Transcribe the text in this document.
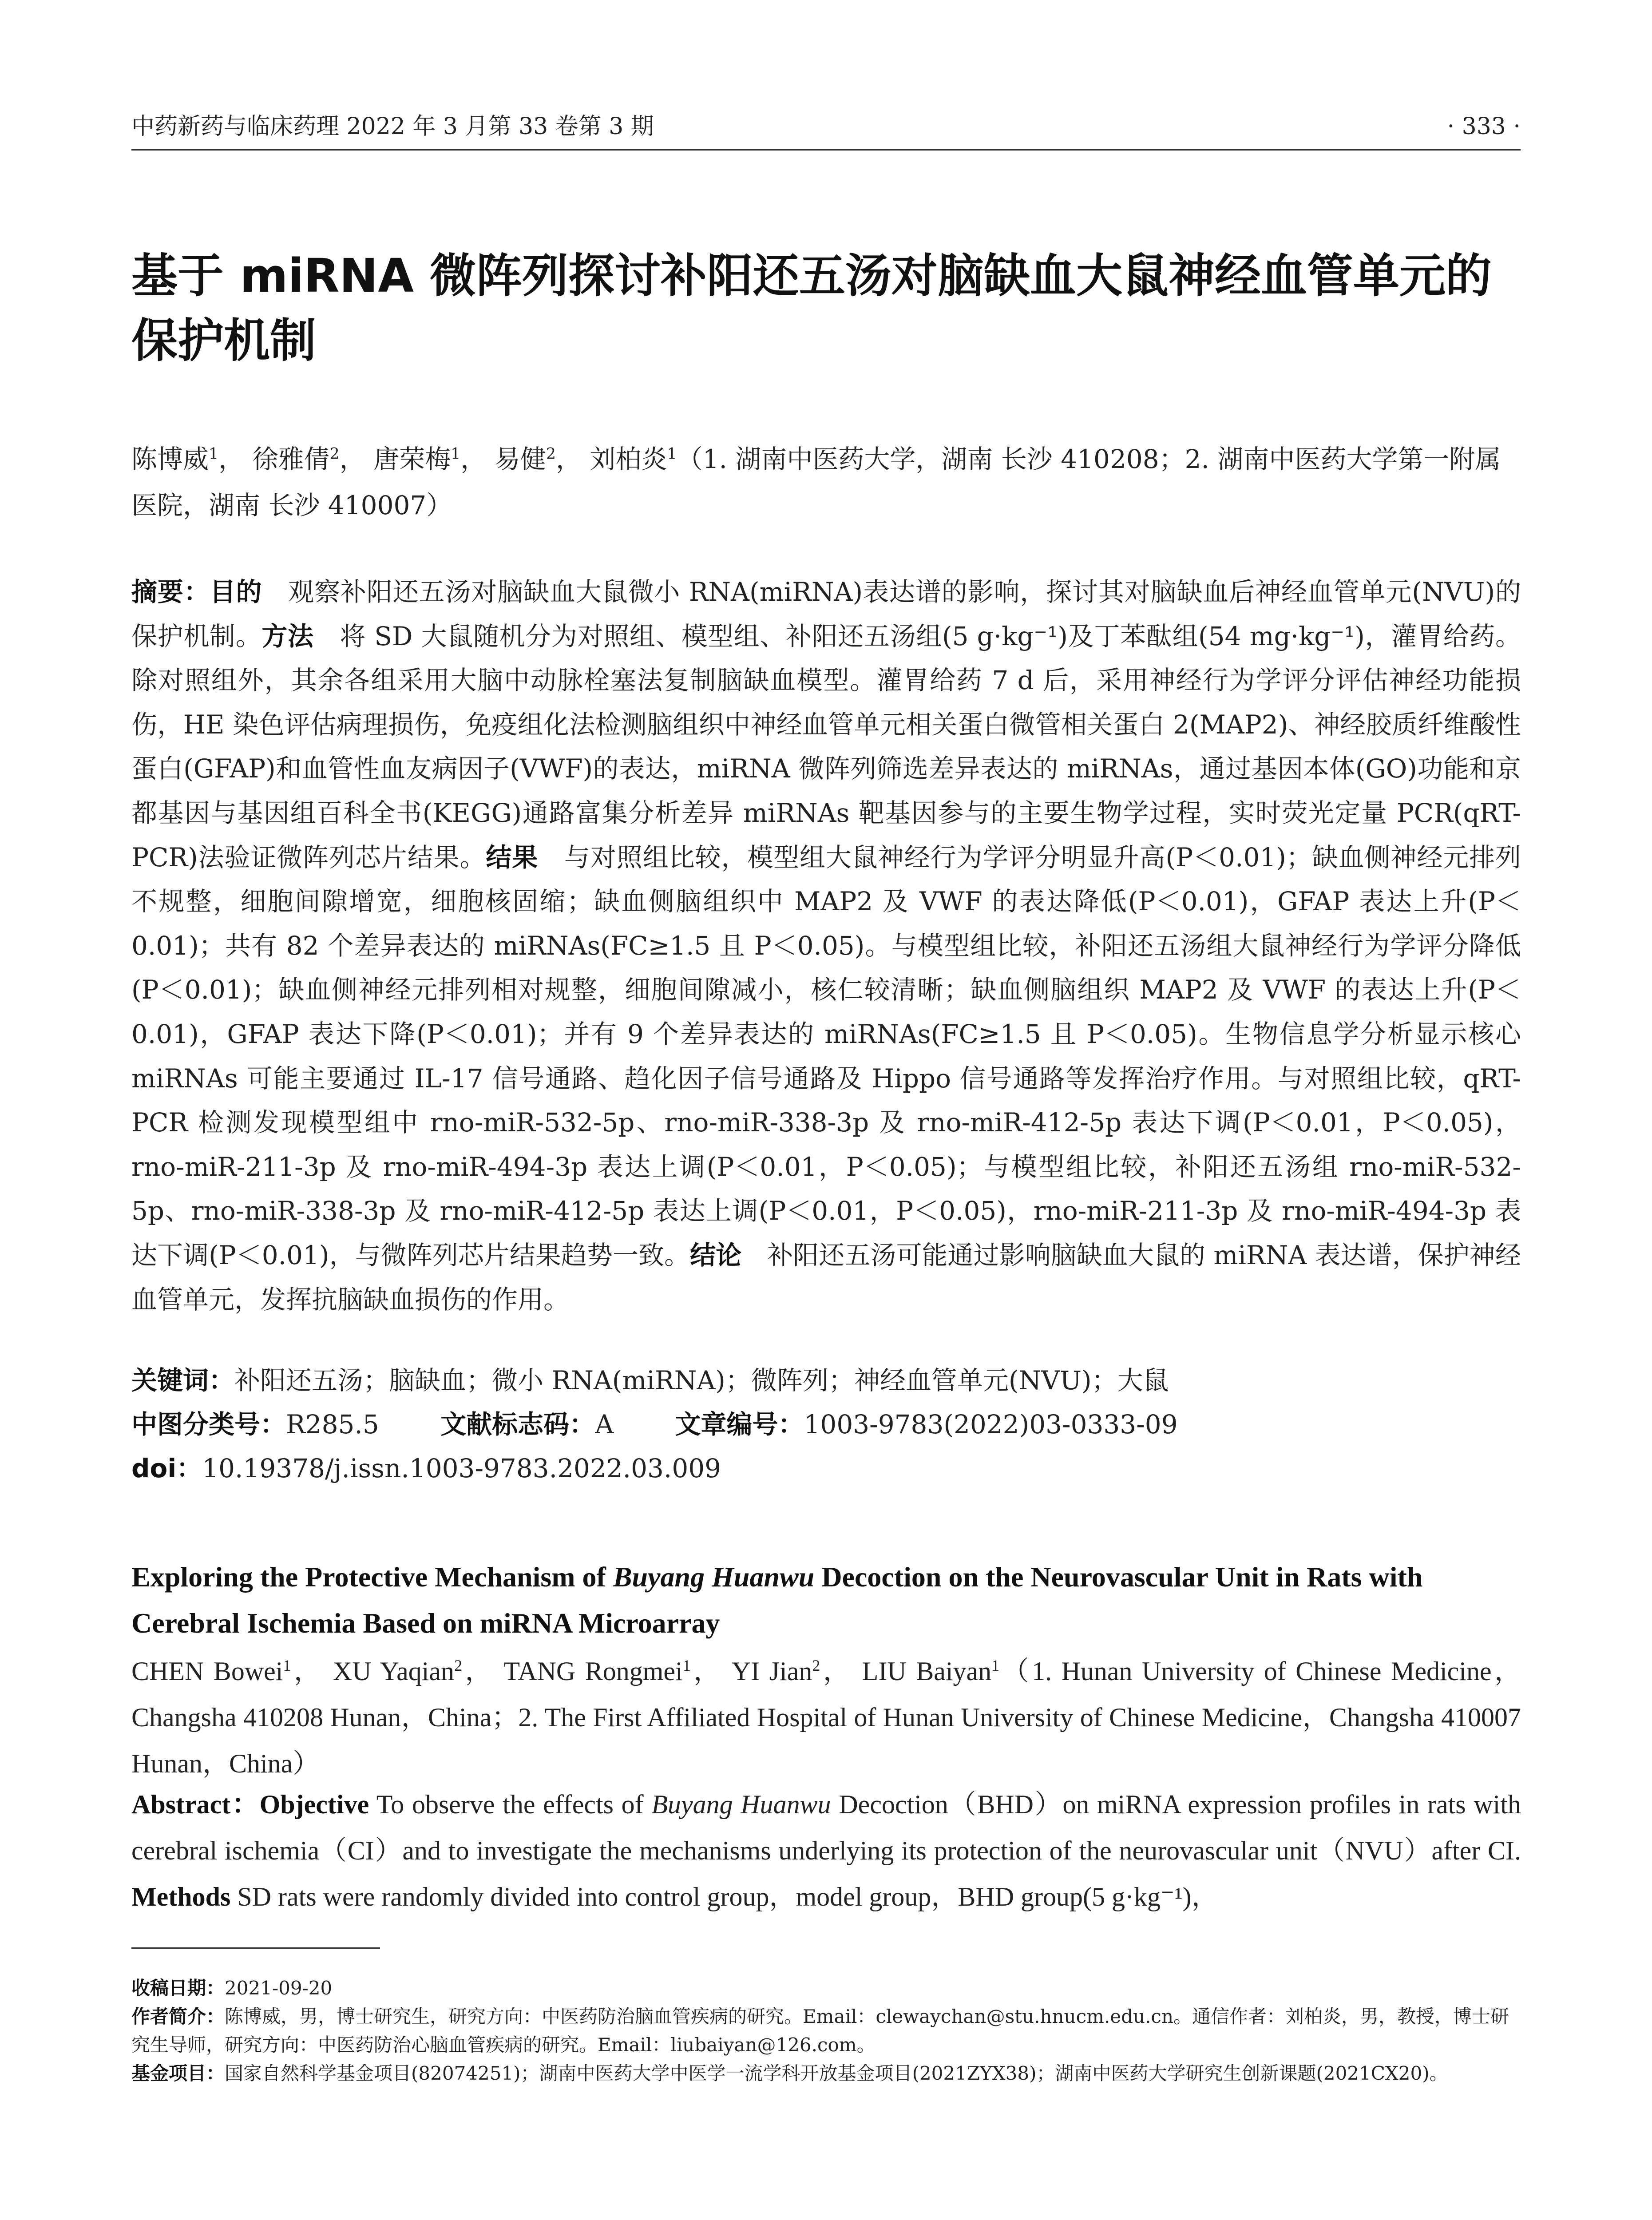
中药新药与临床药理 2022 年 3 月第 33 卷第 3 期	· 333 ·
基于 miRNA 微阵列探讨补阳还五汤对脑缺血大鼠神经血管单元的保护机制
陈博威$^1$， 徐雅倩$^2$， 唐荣梅$^1$， 易健$^2$， 刘柏炎$^1$（1. 湖南中医药大学，湖南 长沙 410208；2. 湖南中医药大学第一附属医院，湖南 长沙 410007）
摘要：目的　 观察补阳还五汤对脑缺血大鼠微小 RNA(miRNA)表达谱的影响，探讨其对脑缺血后神经血管单元(NVU)的保护机制。方法　 将 SD 大鼠随机分为对照组、模型组、补阳还五汤组(5 g·kg⁻¹)及丁苯酞组(54 mg·kg⁻¹)，灌胃给药。除对照组外，其余各组采用大脑中动脉栓塞法复制脑缺血模型。灌胃给药 7 d 后，采用神经行为学评分评估神经功能损伤，HE 染色评估病理损伤，免疫组化法检测脑组织中神经血管单元相关蛋白微管相关蛋白 2(MAP2)、神经胶质纤维酸性蛋白(GFAP)和血管性血友病因子(VWF)的表达，miRNA 微阵列筛选差异表达的 miRNAs，通过基因本体(GO)功能和京都基因与基因组百科全书(KEGG)通路富集分析差异 miRNAs 靶基因参与的主要生物学过程，实时荧光定量 PCR(qRT-PCR)法验证微阵列芯片结果。结果　 与对照组比较，模型组大鼠神经行为学评分明显升高(P＜0.01)；缺血侧神经元排列不规整，细胞间隙增宽，细胞核固缩；缺血侧脑组织中 MAP2 及 VWF 的表达降低(P＜0.01)，GFAP 表达上升(P＜0.01)；共有 82 个差异表达的 miRNAs(FC≥1.5 且 P＜0.05)。与模型组比较，补阳还五汤组大鼠神经行为学评分降低(P＜0.01)；缺血侧神经元排列相对规整，细胞间隙减小，核仁较清晰；缺血侧脑组织 MAP2 及 VWF 的表达上升(P＜0.01)，GFAP 表达下降(P＜0.01)；并有 9 个差异表达的 miRNAs(FC≥1.5 且 P＜0.05)。生物信息学分析显示核心 miRNAs 可能主要通过 IL-17 信号通路、趋化因子信号通路及 Hippo 信号通路等发挥治疗作用。与对照组比较，qRT-PCR 检测发现模型组中 rno-miR-532-5p、rno-miR-338-3p 及 rno-miR-412-5p 表达下调(P＜0.01，P＜0.05)，rno-miR-211-3p 及 rno-miR-494-3p 表达上调(P＜0.01，P＜0.05)；与模型组比较，补阳还五汤组 rno-miR-532-5p、rno-miR-338-3p 及 rno-miR-412-5p 表达上调(P＜0.01，P＜0.05)，rno-miR-211-3p 及 rno-miR-494-3p 表达下调(P＜0.01)，与微阵列芯片结果趋势一致。结论　 补阳还五汤可能通过影响脑缺血大鼠的 miRNA 表达谱，保护神经血管单元，发挥抗脑缺血损伤的作用。
关键词：补阳还五汤；脑缺血；微小 RNA(miRNA)；微阵列；神经血管单元(NVU)；大鼠
中图分类号：R285.5 文献标志码：A 文章编号：1003-9783(2022)03-0333-09
doi：10.19378/j.issn.1003-9783.2022.03.009
Exploring the Protective Mechanism of Buyang Huanwu Decoction on the Neurovascular Unit in Rats with Cerebral Ischemia Based on miRNA Microarray
CHEN Bowei$^1$， XU Yaqian$^2$， TANG Rongmei$^1$， YI Jian$^2$， LIU Baiyan$^1$（1. Hunan University of Chinese Medicine，Changsha 410208 Hunan，China；2. The First Affiliated Hospital of Hunan University of Chinese Medicine，Changsha 410007 Hunan，China）
Abstract：Objective To observe the effects of Buyang Huanwu Decoction（BHD）on miRNA expression profiles in rats with cerebral ischemia（CI）and to investigate the mechanisms underlying its protection of the neurovascular unit（NVU）after CI. Methods SD rats were randomly divided into control group，model group，BHD group(5 g·kg⁻¹)，

收稿日期：2021-09-20

作者简介：陈博威，男，博士研究生，研究方向：中医药防治脑血管疾病的研究。Email：clewaychan@stu.hnucm.edu.cn。通信作者：刘柏炎，男，教授，博士研究生导师，研究方向：中医药防治心脑血管疾病的研究。Email：liubaiyan@126.com。

基金项目：国家自然科学基金项目(82074251)；湖南中医药大学中医学一流学科开放基金项目(2021ZYX38)；湖南中医药大学研究生创新课题(2021CX20)。
